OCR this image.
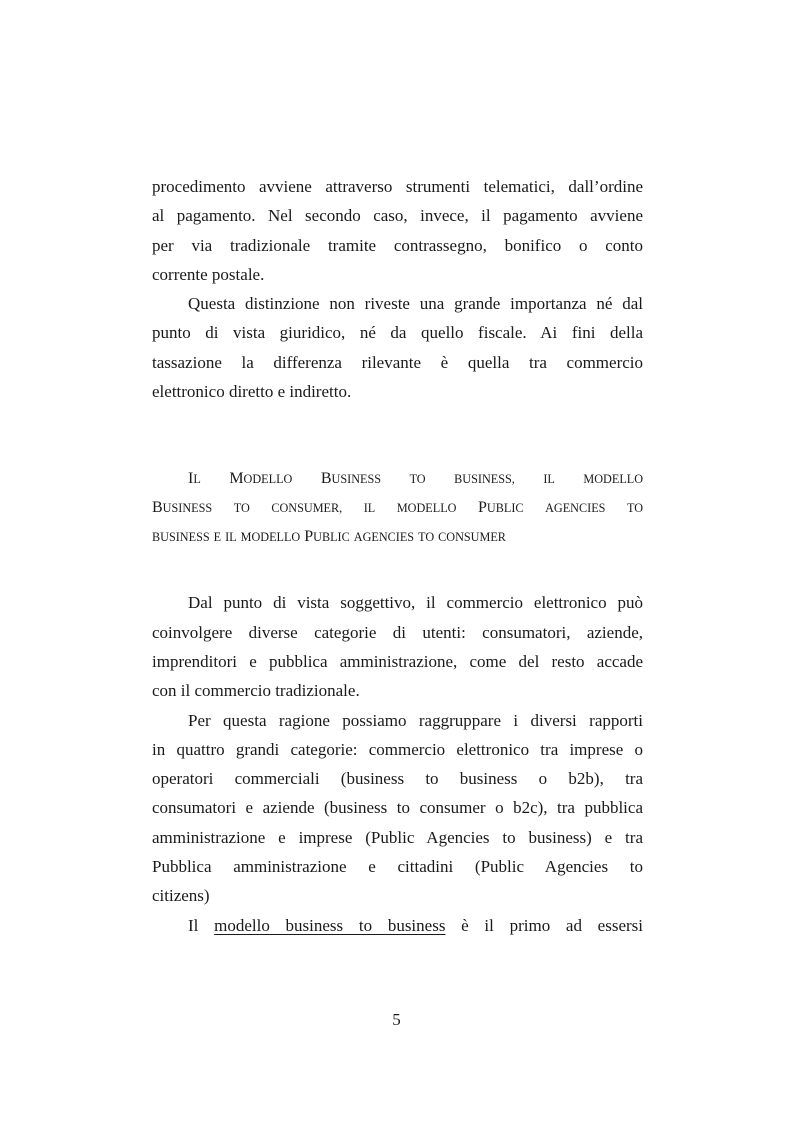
procedimento avviene attraverso strumenti telematici, dall’ordine

al pagamento. Nel secondo caso, invece, il pagamento avviene

per via tradizionale tramite contrassegno, bonifico o conto

corrente postale.

Questa distinzione non riveste una grande importanza né dal

punto di vista giuridico, né da quello fiscale. Ai fini della

tassazione la differenza rilevante è quella tra commercio

elettronico diretto e indiretto.

IL MODELLO BUSINESS TO BUSINESS, IL MODELLO

BUSINESS TO CONSUMER, IL MODELLO PUBLIC AGENCIES TO

BUSINESS E IL MODELLO PUBLIC AGENCIES TO CONSUMER

Dal punto di vista soggettivo, il commercio elettronico può

coinvolgere diverse categorie di utenti: consumatori, aziende,

imprenditori e pubblica amministrazione, come del resto accade

con il commercio tradizionale.

Per questa ragione possiamo raggruppare i diversi rapporti

in quattro grandi categorie: commercio elettronico tra imprese o

operatori commerciali (business to business o b2b), tra

consumatori e aziende (business to consumer o b2c), tra pubblica

amministrazione e imprese (Public Agencies to business) e tra

Pubblica amministrazione e cittadini (Public Agencies to

citizens)

Il modello business to business è il primo ad essersi

5
